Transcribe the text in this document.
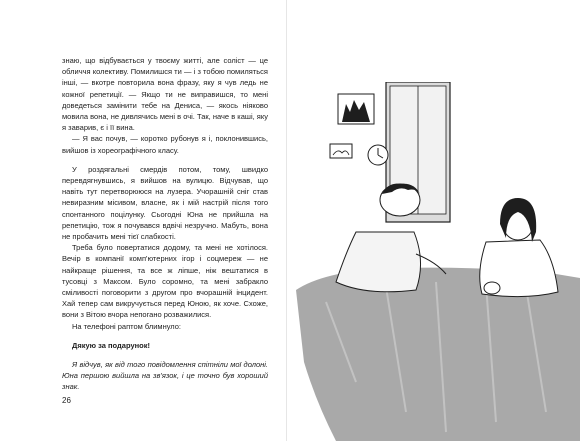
знаю, що відбувається у твоєму житті, але соліст — це обличчя колективу. Помилишся ти — і з тобою помиляться інші, — вкотре повторила вона фразу, яку я чув ледь не кожної репетиції. — Якщо ти не виправишся, то мені доведеться замінити тебе на Дениса, — якось ніяково мовила вона, не дивлячись мені в очі. Так, наче в каші, яку я заварив, є і її вина.

— Я вас почув, — коротко рубонув я і, поклонившись, вийшов із хореографічного класу.

У роздягальні смердів потом, тому, швидко перевдягнувшись, я вийшов на вулицю. Відчував, що навіть тут перетворююся на лузера. Учорашній сніг став невиразним місивом, власне, як і мій настрій після того спонтанного поцілунку. Сьогодні Юна не прийшла на репетицію, тож я почувався вдвічі незручно. Мабуть, вона не пробачить мені тієї слабкості.

Треба було повертатися додому, та мені не хотілося. Вечір в компанії комп'ютерних ігор і соцмереж — не найкраще рішення, та все ж ліпше, ніж вештатися в тусовці з Максом. Було соромно, та мені забракло сміливості поговорити з другом про вчорашній інцидент. Хай тепер сам викручується перед Юною, як хоче. Схоже, вони з Вітою вчора непогано розважилися.

На телефоні раптом блимнуло:

Дякую за подарунок!

Я відчув, як від того повідомлення спітніли мої долоні. Юна першою вийшла на зв'язок, і це точно був хороший знак.

26
